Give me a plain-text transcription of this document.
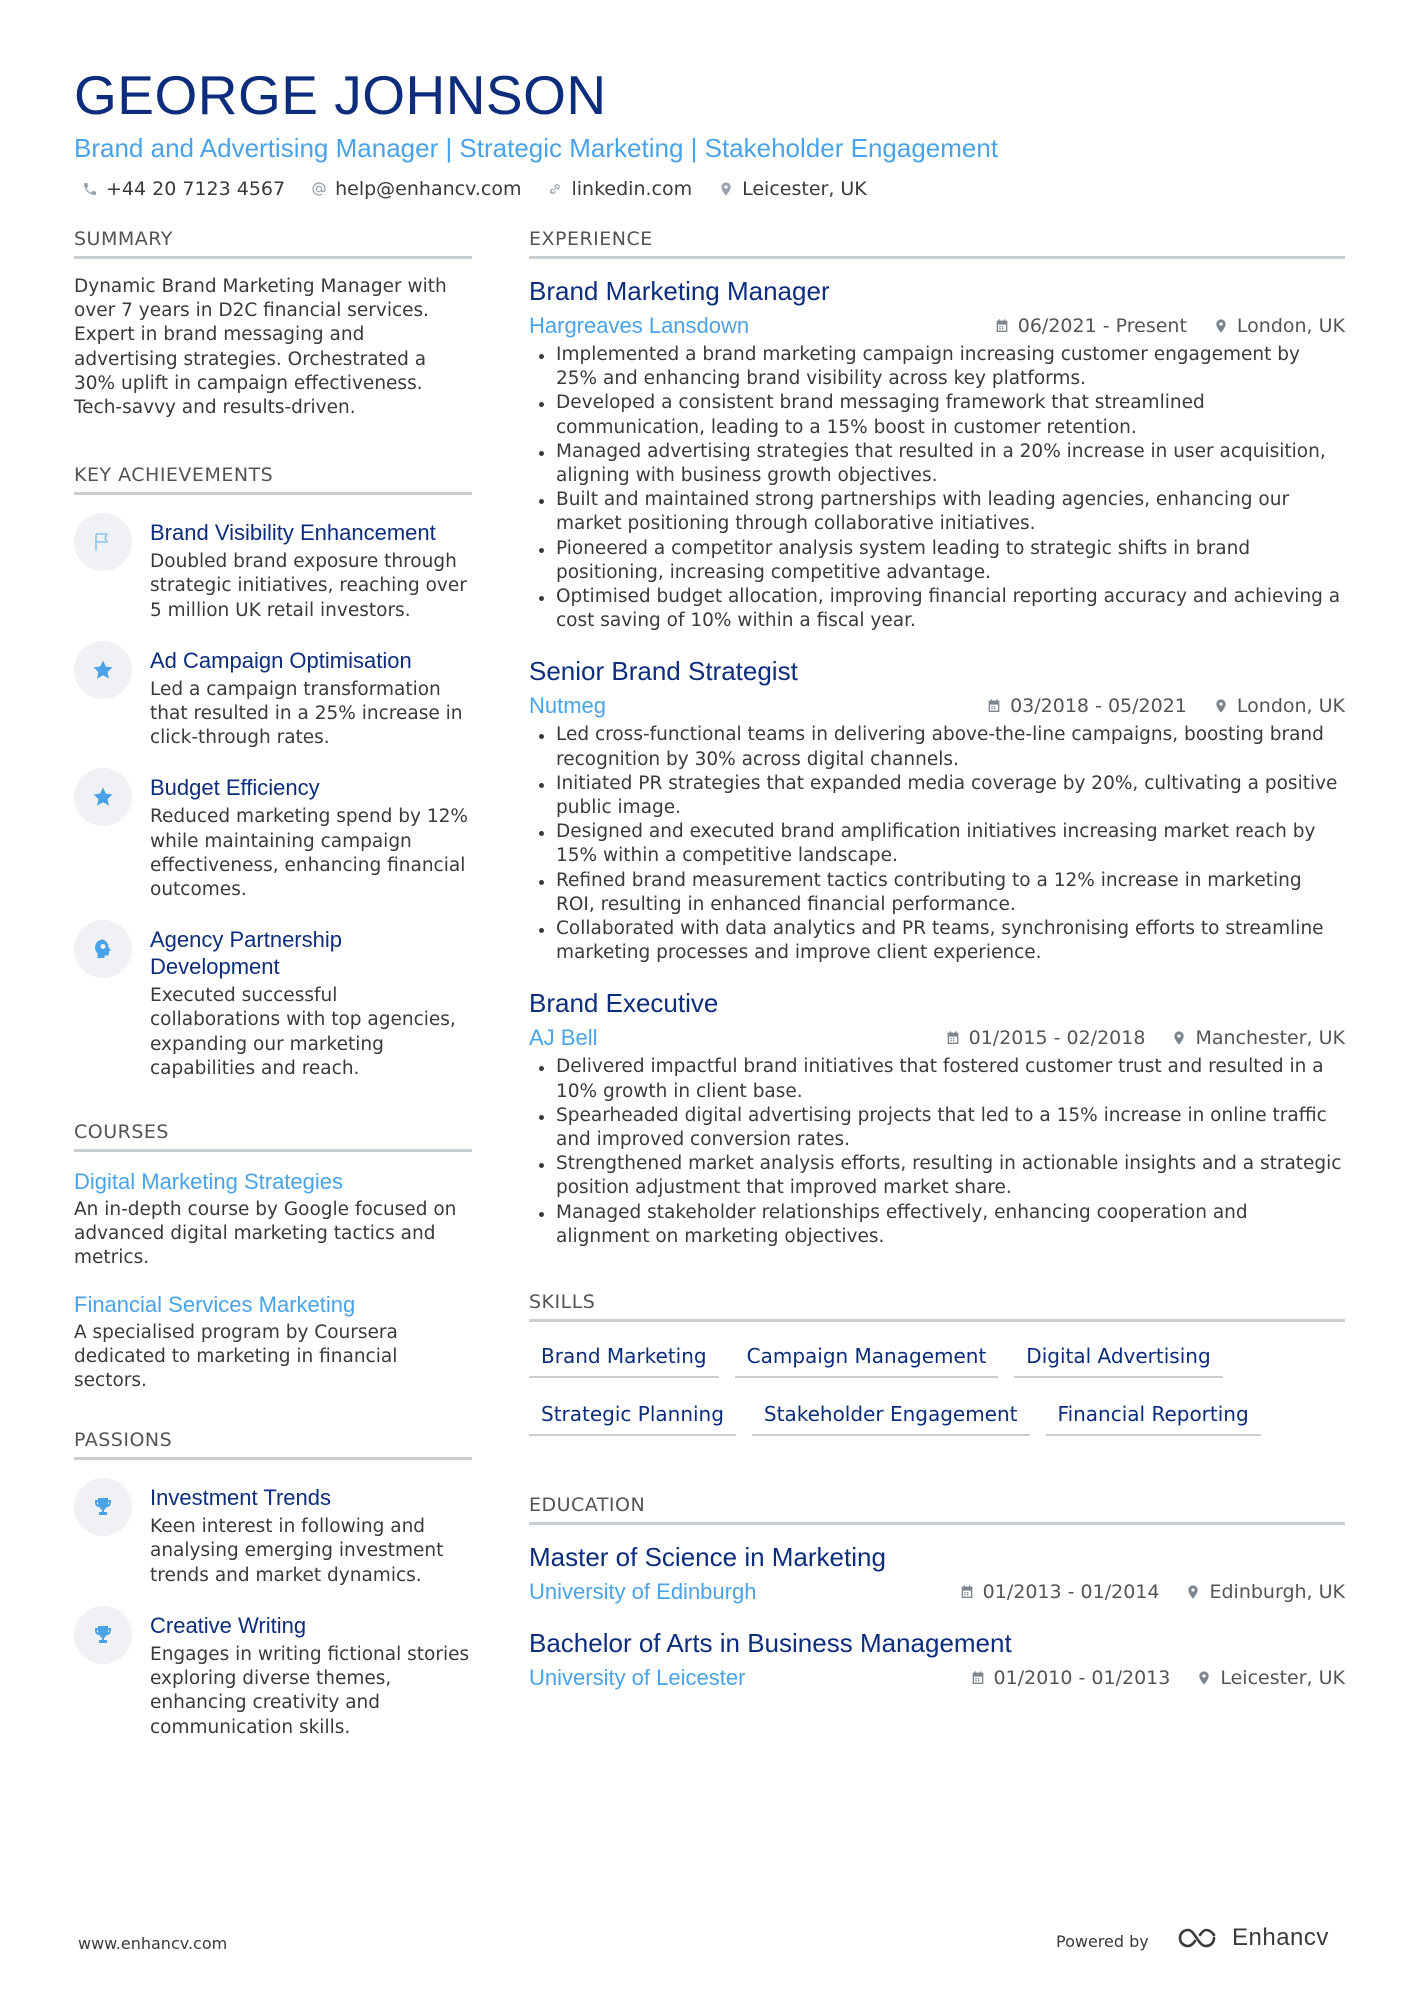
GEORGE JOHNSON
Brand and Advertising Manager | Strategic Marketing | Stakeholder Engagement
+44 20 7123 4567	help@enhancv.com	linkedin.com	Leicester, UK
SUMMARY
Dynamic Brand Marketing Manager with over 7 years in D2C financial services. Expert in brand messaging and advertising strategies. Orchestrated a 30% uplift in campaign effectiveness. Tech-savvy and results-driven.
KEY ACHIEVEMENTS
Brand Visibility Enhancement
Doubled brand exposure through strategic initiatives, reaching over 5 million UK retail investors.
Ad Campaign Optimisation
Led a campaign transformation that resulted in a 25% increase in click-through rates.
Budget Efficiency
Reduced marketing spend by 12% while maintaining campaign effectiveness, enhancing financial outcomes.
Agency Partnership Development
Executed successful collaborations with top agencies, expanding our marketing capabilities and reach.
COURSES
Digital Marketing Strategies
An in-depth course by Google focused on advanced digital marketing tactics and metrics.
Financial Services Marketing
A specialised program by Coursera dedicated to marketing in financial sectors.
PASSIONS
Investment Trends
Keen interest in following and analysing emerging investment trends and market dynamics.
Creative Writing
Engages in writing fictional stories exploring diverse themes, enhancing creativity and communication skills.
EXPERIENCE
Brand Marketing Manager
Hargreaves Lansdown	06/2021 - Present	London, UK
Implemented a brand marketing campaign increasing customer engagement by 25% and enhancing brand visibility across key platforms.
Developed a consistent brand messaging framework that streamlined communication, leading to a 15% boost in customer retention.
Managed advertising strategies that resulted in a 20% increase in user acquisition, aligning with business growth objectives.
Built and maintained strong partnerships with leading agencies, enhancing our market positioning through collaborative initiatives.
Pioneered a competitor analysis system leading to strategic shifts in brand positioning, increasing competitive advantage.
Optimised budget allocation, improving financial reporting accuracy and achieving a cost saving of 10% within a fiscal year.
Senior Brand Strategist
Nutmeg	03/2018 - 05/2021	London, UK
Led cross-functional teams in delivering above-the-line campaigns, boosting brand recognition by 30% across digital channels.
Initiated PR strategies that expanded media coverage by 20%, cultivating a positive public image.
Designed and executed brand amplification initiatives increasing market reach by 15% within a competitive landscape.
Refined brand measurement tactics contributing to a 12% increase in marketing ROI, resulting in enhanced financial performance.
Collaborated with data analytics and PR teams, synchronising efforts to streamline marketing processes and improve client experience.
Brand Executive
AJ Bell	01/2015 - 02/2018	Manchester, UK
Delivered impactful brand initiatives that fostered customer trust and resulted in a 10% growth in client base.
Spearheaded digital advertising projects that led to a 15% increase in online traffic and improved conversion rates.
Strengthened market analysis efforts, resulting in actionable insights and a strategic position adjustment that improved market share.
Managed stakeholder relationships effectively, enhancing cooperation and alignment on marketing objectives.
SKILLS
Brand Marketing	Campaign Management	Digital Advertising
Strategic Planning	Stakeholder Engagement	Financial Reporting
EDUCATION
Master of Science in Marketing
University of Edinburgh	01/2013 - 01/2014	Edinburgh, UK
Bachelor of Arts in Business Management
University of Leicester	01/2010 - 01/2013	Leicester, UK
www.enhancv.com	Powered by	Enhancv
